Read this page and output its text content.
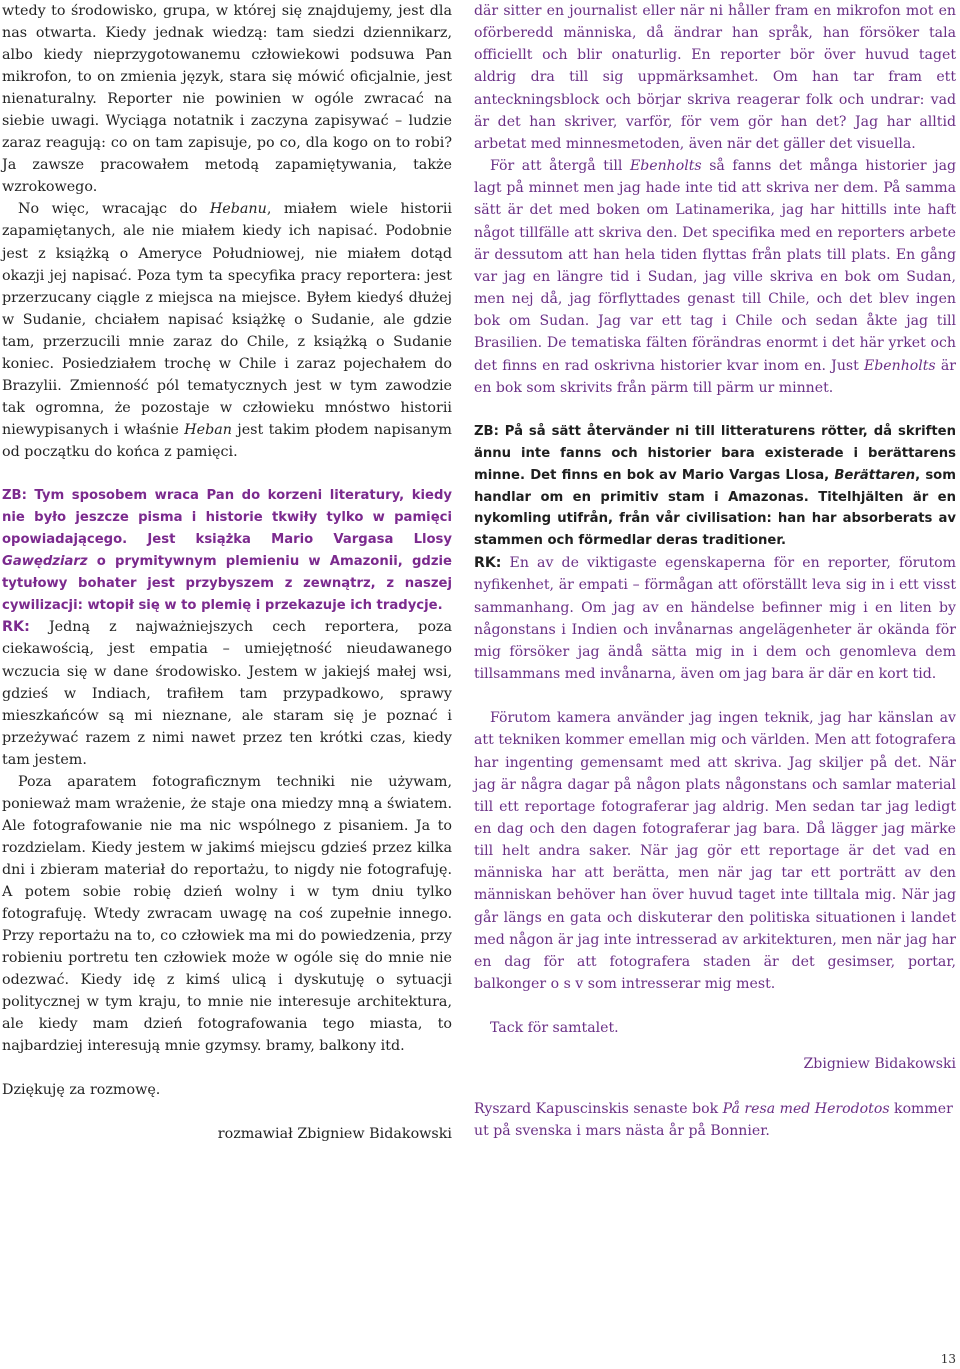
wtedy to środowisko, grupa, w której się znajdujemy, jest dla nas otwarta. Kiedy jednak wiedzą: tam siedzi dziennikarz, albo kiedy nieprzygotowanemu człowiekowi podsuwa Pan mikrofon, to on zmienia język, stara się mówić oficjalnie, jest nienaturalny. Reporter nie powinien w ogóle zwracać na siebie uwagi. Wyciąga notatnik i zaczyna zapisywać – ludzie zaraz reagują: co on tam zapisuje, po co, dla kogo on to robi? Ja zawsze pracowałem metodą zapamiętywania, także wzrokowego.

No więc, wracając do Hebanu, miałem wiele historii zapamiętanych, ale nie miałem kiedy ich napisać. Podobnie jest z książką o Ameryce Południowej, nie miałem dotąd okazji jej napisać. Poza tym ta specyfika pracy reportera: jest przerzucany ciągle z miejsca na miejsce. Byłem kiedyś dłużej w Sudanie, chciałem napisać książkę o Sudanie, ale gdzie tam, przerzucili mnie zaraz do Chile, z książką o Sudanie koniec. Posiedziałem trochę w Chile i zaraz pojechałem do Brazylii. Zmienność pól tematycznych jest w tym zawodzie tak ogromna, że pozostaje w człowieku mnóstwo historii niewypisanych i właśnie Heban jest takim płodem napisanym od początku do końca z pamięci.

ZB: Tym sposobem wraca Pan do korzeni literatury, kiedy nie było jeszcze pisma i historie tkwiły tylko w pamięci opowiadającego. Jest książka Mario Vargasa Llosy Gawędziarz o prymitywnym plemieniu w Amazonii, gdzie tytułowy bohater jest przybyszem z zewnątrz, z naszej cywilizacji: wtopił się w to plemię i przekazuje ich tradycje.

RK: Jedną z najważniejszych cech reportera, poza ciekawością, jest empatia – umiejętność nieudawanego wczucia się w dane środowisko. Jestem w jakiejś małej wsi, gdzieś w Indiach, trafiłem tam przypadkowo, sprawy mieszkańców są mi nieznane, ale staram się je poznać i przeżywać razem z nimi nawet przez ten krótki czas, kiedy tam jestem.

Poza aparatem fotograficznym techniki nie używam, ponieważ mam wrażenie, że staje ona miedzy mną a światem. Ale fotografowanie nie ma nic wspólnego z pisaniem. Ja to rozdzielam. Kiedy jestem w jakimś miejscu gdzieś przez kilka dni i zbieram materiał do reportażu, to nigdy nie fotografuję. A potem sobie robię dzień wolny i w tym dniu tylko fotografuję. Wtedy zwracam uwagę na coś zupełnie innego. Przy reportażu na to, co człowiek ma mi do powiedzenia, przy robieniu portretu ten człowiek może w ogóle się do mnie nie odezwać. Kiedy idę z kimś ulicą i dyskutuję o sytuacji politycznej w tym kraju, to mnie nie interesuje architektura, ale kiedy mam dzień fotografowania tego miasta, to najbardziej interesują mnie gzymsy. bramy, balkony itd.

Dziękuję za rozmowę.

rozmawiał Zbigniew Bidakowski

där sitter en journalist eller när ni håller fram en mikrofon mot en oförberedd människa, då ändrar han språk, han försöker tala officiellt och blir onaturlig. En reporter bör över huvud taget aldrig dra till sig uppmärksamhet. Om han tar fram ett anteckningsblock och börjar skriva reagerar folk och undrar: vad är det han skriver, varför, för vem gör han det? Jag har alltid arbetat med minnesmetoden, även när det gäller det visuella.

För att återgå till Ebenholts så fanns det många historier jag lagt på minnet men jag hade inte tid att skriva ner dem. På samma sätt är det med boken om Latinamerika, jag har hittills inte haft något tillfälle att skriva den. Det specifika med en reporters arbete är dessutom att han hela tiden flyttas från plats till plats. En gång var jag en längre tid i Sudan, jag ville skriva en bok om Sudan, men nej då, jag förflyttades genast till Chile, och det blev ingen bok om Sudan. Jag var ett tag i Chile och sedan åkte jag till Brasilien. De tematiska fälten förändras enormt i det här yrket och det finns en rad oskrivna historier kvar inom en. Just Ebenholts är en bok som skrivits från pärm till pärm ur minnet.

ZB: På så sätt återvänder ni till litteraturens rötter, då skriften ännu inte fanns och historier bara existerade i berättarens minne. Det finns en bok av Mario Vargas Llosa, Berättaren, som handlar om en primitiv stam i Amazonas. Titelhjälten är en nykomling utifrån, från vår civilisation: han har absorberats av stammen och förmedlar deras traditioner.

RK: En av de viktigaste egenskaperna för en reporter, förutom nyfikenhet, är empati – förmågan att oförställt leva sig in i ett visst sammanhang. Om jag av en händelse befinner mig i en liten by någonstans i Indien och invånarnas angelägenheter är okända för mig försöker jag ändå sätta mig in i dem och genomleva dem tillsammans med invånarna, även om jag bara är där en kort tid.

Förutom kamera använder jag ingen teknik, jag har känslan av att tekniken kommer emellan mig och världen. Men att fotografera har ingenting gemensamt med att skriva. Jag skiljer på det. När jag är några dagar på någon plats någonstans och samlar material till ett reportage fotograferar jag aldrig. Men sedan tar jag ledigt en dag och den dagen fotograferar jag bara. Då lägger jag märke till helt andra saker. När jag gör ett reportage är det vad en människa har att berätta, men när jag tar ett porträtt av den människan behöver han över huvud taget inte tilltala mig. När jag går längs en gata och diskuterar den politiska situationen i landet med någon är jag inte intresserad av arkitekturen, men när jag har en dag för att fotografera staden är det gesimser, portar, balkonger o s v som intresserar mig mest.

Tack för samtalet.

Zbigniew Bidakowski

Ryszard Kapuscinskis senaste bok På resa med Herodotos kommer ut på svenska i mars nästa år på Bonnier.

13
